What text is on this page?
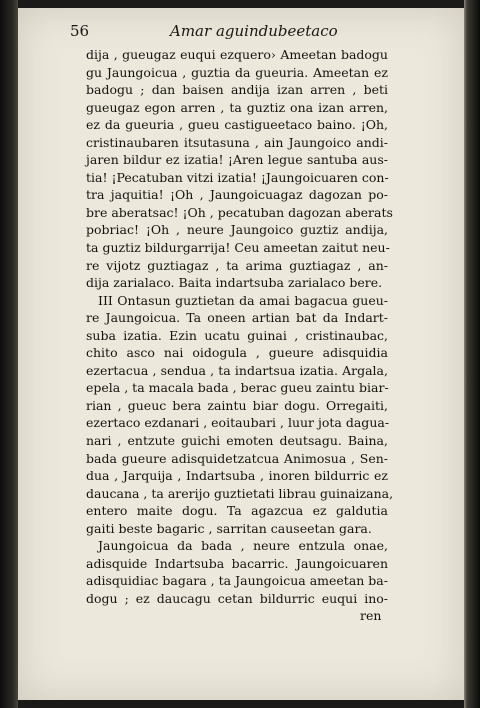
56	Amar aguindubeetaco
dija , gueugaz euqui ezquero› Ameetan badogu
gu Jaungoicua , guztia da gueuria. Ameetan ez
badogu ; dan baisen andija izan arren , beti
gueugaz egon arren , ta guztiz ona izan arren,
ez da gueuria , gueu castigueetaco baino. ¡Oh,
cristinaubaren itsutasuna , ain Jaungoico andi-
jaren bildur ez izatia! ¡Aren legue santuba aus-
tia! ¡Pecatuban vitzi izatia! ¡Jaungoicuaren con-
tra jaquitia! ¡Oh , Jaungoicuagaz dagozan po-
bre aberatsac! ¡Oh , pecatuban dagozan aberats
pobriac! ¡Oh , neure Jaungoico guztiz andija,
ta guztiz bildurgarrija! Ceu ameetan zaitut neu-
re vijotz guztiagaz , ta arima guztiagaz , an-
dija zarialaco. Baita indartsuba zarialaco bere.
III Ontasun guztietan da amai bagacua gueu-
re Jaungoicua. Ta oneen artian bat da Indart-
suba izatia. Ezin ucatu guinai , cristinaubac,
chito asco nai oidogula , gueure adisquidia
ezertacua , sendua , ta indartsua izatia. Argala,
epela , ta macala bada , berac gueu zaintu biar-
rian , gueuc bera zaintu biar dogu. Orregaiti,
ezertaco ezdanari , eoitaubari , luur jota dagua-
nari , entzute guichi emoten deutsagu. Baina,
bada gueure adisquidetzatcua Animosua , Sen-
dua , Jarquija , Indartsuba , inoren bildurric ez
daucana , ta arerijo guztietati librau guinaizana,
entero maite dogu. Ta agazcua ez galdutia
gaiti beste bagaric , sarritan causeetan gara.
Jaungoicua da bada , neure entzula onae,
adisquide Indartsuba bacarric. Jaungoicuaren
adisquidiac bagara , ta Jaungoicua ameetan ba-
dogu ; ez daucagu cetan bildurric euqui ino-
ren
